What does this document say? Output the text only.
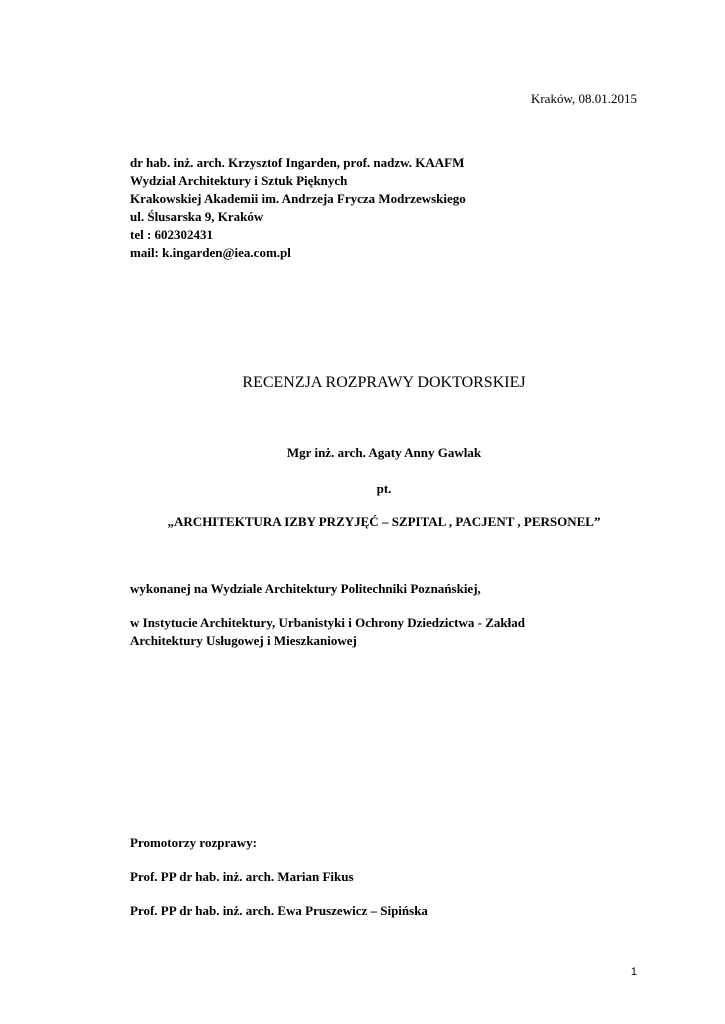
Kraków, 08.01.2015
dr hab. inż. arch. Krzysztof Ingarden, prof. nadzw. KAAFM
Wydział Architektury i Sztuk Pięknych
Krakowskiej Akademii im. Andrzeja Frycza Modrzewskiego
ul. Ślusarska 9, Kraków
tel : 602302431
mail: k.ingarden@iea.com.pl
RECENZJA ROZPRAWY DOKTORSKIEJ
Mgr inż. arch. Agaty Anny Gawlak
pt.
„ARCHITEKTURA IZBY PRZYJĘĆ – SZPITAL , PACJENT , PERSONEL”
wykonanej na Wydziale Architektury Politechniki Poznańskiej,
w Instytucie Architektury, Urbanistyki i Ochrony Dziedzictwa - Zakład
Architektury Usługowej i Mieszkaniowej
Promotorzy rozprawy:
Prof. PP dr hab. inż. arch. Marian Fikus
Prof. PP dr hab. inż. arch. Ewa Pruszewicz – Sipińska
1
